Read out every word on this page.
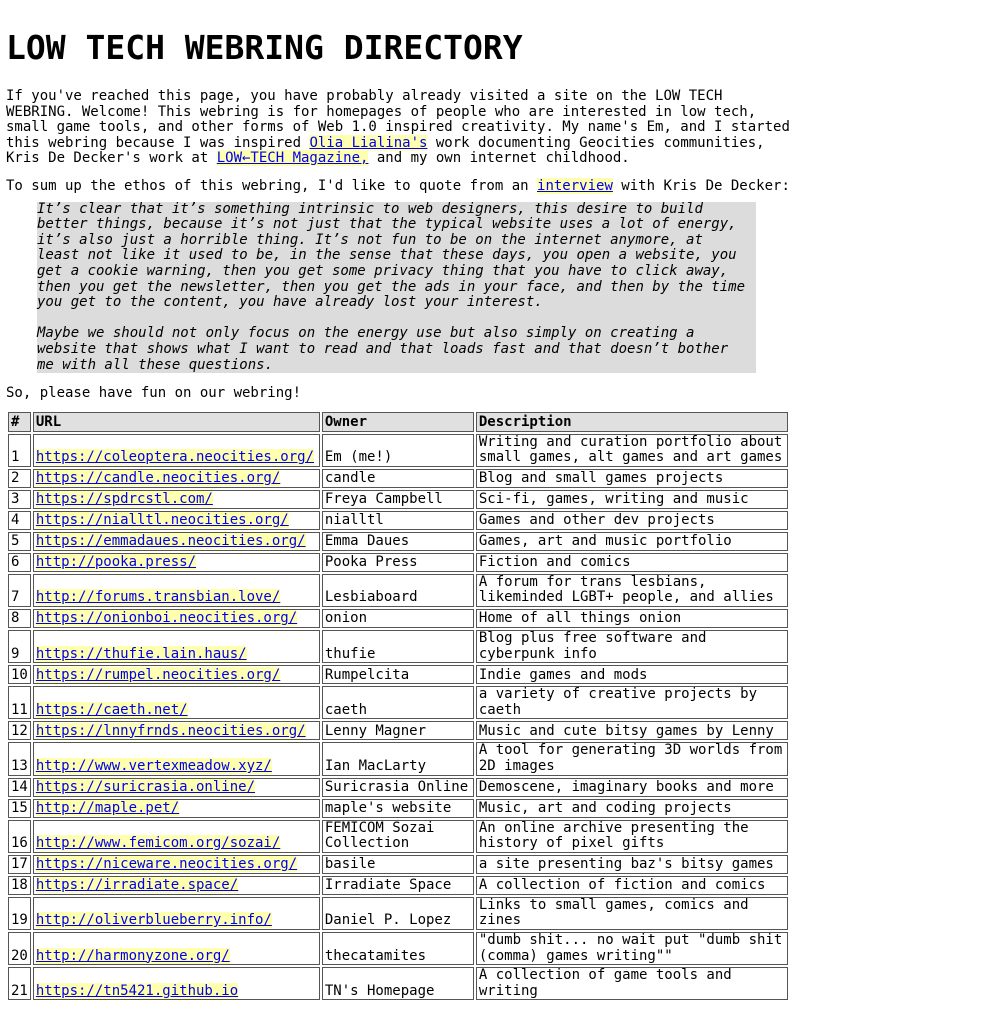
LOW TECH WEBRING DIRECTORY

If you've reached this page, you have probably already visited a site on the LOW TECH WEBRING. Welcome! This webring is for homepages of people who are interested in low tech, small game tools, and other forms of Web 1.0 inspired creativity. My name's Em, and I started this webring because I was inspired Olia Lialina's work documenting Geocities communities, Kris De Decker's work at LOW←TECH Magazine, and my own internet childhood.

To sum up the ethos of this webring, I'd like to quote from an interview with Kris De Decker:

It’s clear that it’s something intrinsic to web designers, this desire to build better things, because it’s not just that the typical website uses a lot of energy, it’s also just a horrible thing. It’s not fun to be on the internet anymore, at least not like it used to be, in the sense that these days, you open a website, you get a cookie warning, then you get some privacy thing that you have to click away, then you get the newsletter, then you get the ads in your face, and then by the time you get to the content, you have already lost your interest.

Maybe we should not only focus on the energy use but also simply on creating a website that shows what I want to read and that loads fast and that doesn’t bother me with all these questions.

So, please have fun on our webring!

#	URL	Owner	Description
1	https://coleoptera.neocities.org/	Em (me!)	Writing and curation portfolio about small games, alt games and art games
2	https://candle.neocities.org/	candle	Blog and small games projects
3	https://spdrcstl.com/	Freya Campbell	Sci-fi, games, writing and music
4	https://nialltl.neocities.org/	nialltl	Games and other dev projects
5	https://emmadaues.neocities.org/	Emma Daues	Games, art and music portfolio
6	http://pooka.press/	Pooka Press	Fiction and comics
7	http://forums.transbian.love/	Lesbiaboard	A forum for trans lesbians, likeminded LGBT+ people, and allies
8	https://onionboi.neocities.org/	onion	Home of all things onion
9	https://thufie.lain.haus/	thufie	Blog plus free software and cyberpunk info
10	https://rumpel.neocities.org/	Rumpelcita	Indie games and mods
11	https://caeth.net/	caeth	a variety of creative projects by caeth
12	https://lnnyfrnds.neocities.org/	Lenny Magner	Music and cute bitsy games by Lenny
13	http://www.vertexmeadow.xyz/	Ian MacLarty	A tool for generating 3D worlds from 2D images
14	https://suricrasia.online/	Suricrasia Online	Demoscene, imaginary books and more
15	http://maple.pet/	maple's website	Music, art and coding projects
16	http://www.femicom.org/sozai/	FEMICOM Sozai Collection	An online archive presenting the history of pixel gifts
17	https://niceware.neocities.org/	basile	a site presenting baz's bitsy games
18	https://irradiate.space/	Irradiate Space	A collection of fiction and comics
19	http://oliverblueberry.info/	Daniel P. Lopez	Links to small games, comics and zines
20	http://harmonyzone.org/	thecatamites	"dumb shit... no wait put "dumb shit (comma) games writing""
21	https://tn5421.github.io	TN's Homepage	A collection of game tools and writing
